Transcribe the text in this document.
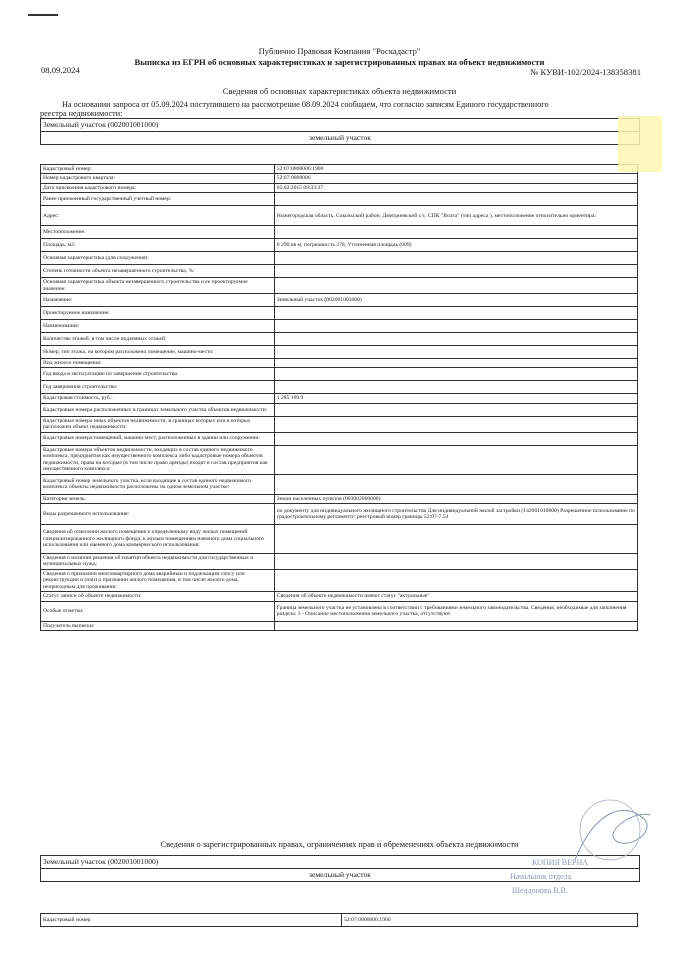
Публично Правовая Компания "Роскадастр"
Выписка из ЕГРН об основных характеристиках и зарегистрированных правах на объект недвижимости
08.09.2024	№ КУВИ-102/2024-138358381
Сведения об основных характеристиках объекта недвижимости
На основании запроса от 05.09.2024 поступившего на рассмотрение 08.09.2024 сообщаем, что согласно записям Единого государственного
реестра недвижимости:
Земельный участок (002001001000)
земельный участок
Кадастровый номер:	52:07:0800006:1900
Номер кадастрового квартала:	52:07:0800006
Дата присвоения кадастрового номера:	05.02.2015 09:33:37
Ранее присвоенный государственный учетный номер:	
Адрес:	Нижегородская область, Сокольский район, Дмитриевский с/с, СПК "Волга" (тип адреса ), местоположение относительно ориентира:
Местоположение:	
Площадь, м2:	6 290 кв м, погрешность 278, Уточненная площадь (009)
Основная характеристика (для сооружения):	
Степень готовности объекта незавершенного строительства, %:	
Основная характеристика объекта незавершенного строительства и ее проектируемое значение:	
Назначение:	Земельный участок (002001001000)
Проектируемое назначение:	
Наименование:	
Количество этажей, в том числе подземных этажей:	
Номер, тип этажа, на котором расположено помещение, машино-место:	
Вид жилого помещения:	
Год ввода в эксплуатацию по завершении строительства:	
Год завершения строительства:	
Кадастровая стоимость, руб.:	1 285 109.9
Кадастровые номера расположенных в границах земельного участка объектов недвижимости:	
Кадастровые номера иных объектов недвижимости, в границах которых или в которых расположен объект недвижимости:	
Кадастровые номера помещений, машино-мест, расположенных в здании или сооружении:	
Кадастровые номера объектов недвижимости, входящих в состав единого недвижимого комплекса, предприятия как имущественного комплекса либо кадастровые номера объектов недвижимости, права на которые (в том числе право аренды) входят в состав предприятия как имущественного комплекса:	
Кадастровый номер земельного участка, если входящие в состав единого недвижимого комплекса объекты недвижимости расположены на одном земельном участке:	
Категория земель:	Земли населенных пунктов (003002000000)
Виды разрешенного использования:	по документу для индивидуального жилищного строительства Для индивидуальной жилой застройки (142001010000) Разрешенное использование по градостроительному регламенту: реестровый номер границы 52:07-7.54
Сведения об отнесении жилого помещения к определенному виду жилых помещений специализированного жилищного фонда, к жилым помещениям наемного дома социального использования или наемного дома коммерческого использования:	
Сведения о наличии решения об изъятии объекта недвижимости для государственных и муниципальных нужд:	
Сведения о признании многоквартирного дома аварийным и подлежащим сносу или реконструкции и (или) о признании жилого помещения, в том числе жилого дома, непригодным для проживания:	
Статус записи об объекте недвижимости:	Сведения об объекте недвижимости имеют статус "актуальные"
Особые отметки:	Граница земельного участка не установлена в соответствии с требованиями земельного законодательства. Сведения, необходимые для заполнения раздела: 3 - Описание местоположения земельного участка, отсутствуют.
Получатель выписки:	
Сведения о зарегистрированных правах, ограничениях прав и обременениях объекта недвижимости
Земельный участок (002001001000)
земельный участок
Кадастровый номер:	52:07:0800006:1900
КОПИЯ ВЕРНА
Начальник отдела
Шелдонова В.В.
